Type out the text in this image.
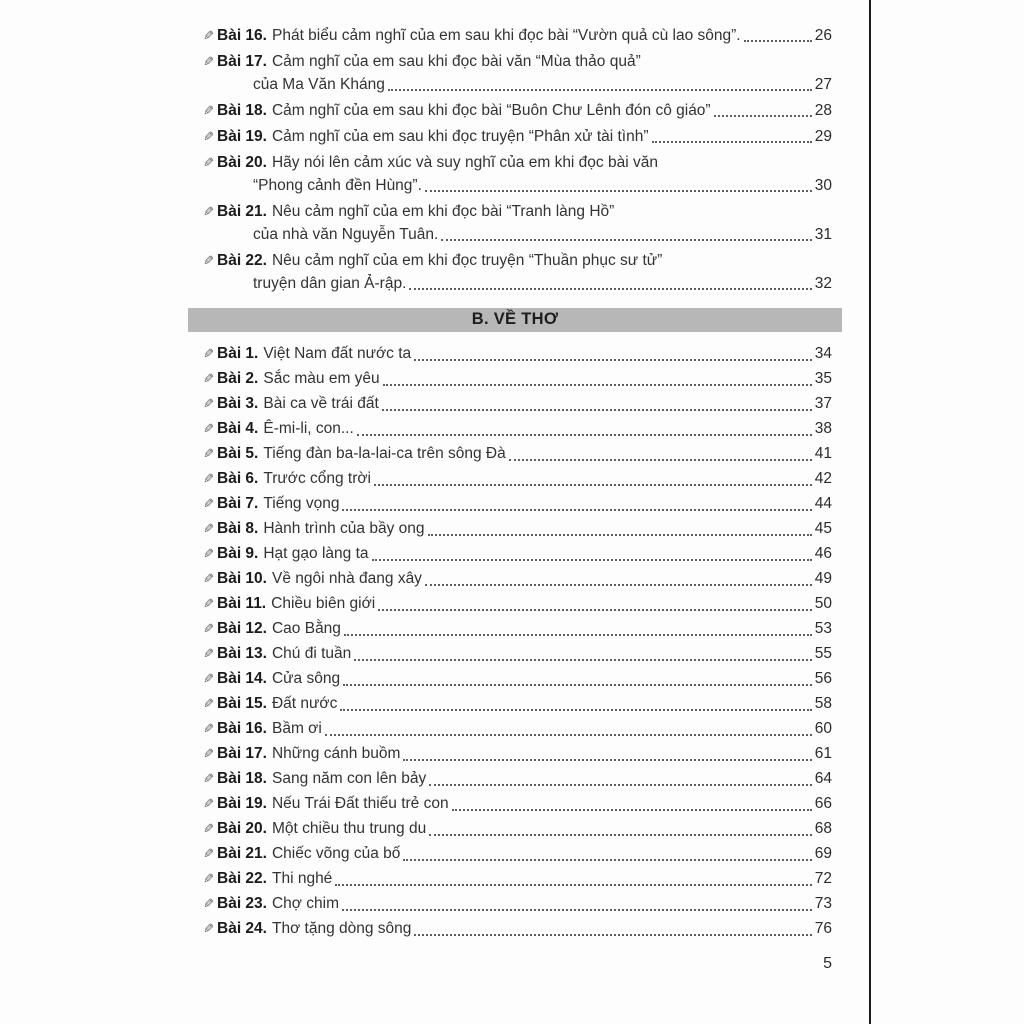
✎ Bài 16. Phát biểu cảm nghĩ của em sau khi đọc bài “Vườn quả cù lao sông”.	26
✎ Bài 17. Cảm nghĩ của em sau khi đọc bài văn “Mùa thảo quả”
của Ma Văn Kháng	27
✎ Bài 18. Cảm nghĩ của em sau khi đọc bài “Buôn Chư Lênh đón cô giáo”	28
✎ Bài 19. Cảm nghĩ của em sau khi đọc truyện “Phân xử tài tình”	29
✎ Bài 20. Hãy nói lên cảm xúc và suy nghĩ của em khi đọc bài văn
“Phong cảnh đền Hùng”.	30
✎ Bài 21. Nêu cảm nghĩ của em khi đọc bài “Tranh làng Hồ”
của nhà văn Nguyễn Tuân.	31
✎ Bài 22. Nêu cảm nghĩ của em khi đọc truyện “Thuần phục sư tử”
truyện dân gian Ả-rập.	32
B. VỀ THƠ
✎ Bài 1. Việt Nam đất nước ta	34
✎ Bài 2. Sắc màu em yêu	35
✎ Bài 3. Bài ca về trái đất	37
✎ Bài 4. Ê-mi-li, con...	38
✎ Bài 5. Tiếng đàn ba-la-lai-ca trên sông Đà	41
✎ Bài 6. Trước cổng trời	42
✎ Bài 7. Tiếng vọng	44
✎ Bài 8. Hành trình của bầy ong	45
✎ Bài 9. Hạt gạo làng ta	46
✎ Bài 10. Về ngôi nhà đang xây	49
✎ Bài 11. Chiều biên giới	50
✎ Bài 12. Cao Bằng	53
✎ Bài 13. Chú đi tuần	55
✎ Bài 14. Cửa sông	56
✎ Bài 15. Đất nước	58
✎ Bài 16. Bầm ơi	60
✎ Bài 17. Những cánh buồm	61
✎ Bài 18. Sang năm con lên bảy	64
✎ Bài 19. Nếu Trái Đất thiếu trẻ con	66
✎ Bài 20. Một chiều thu trung du	68
✎ Bài 21. Chiếc võng của bố	69
✎ Bài 22. Thi nghé	72
✎ Bài 23. Chợ chim	73
✎ Bài 24. Thơ tặng dòng sông	76
5
